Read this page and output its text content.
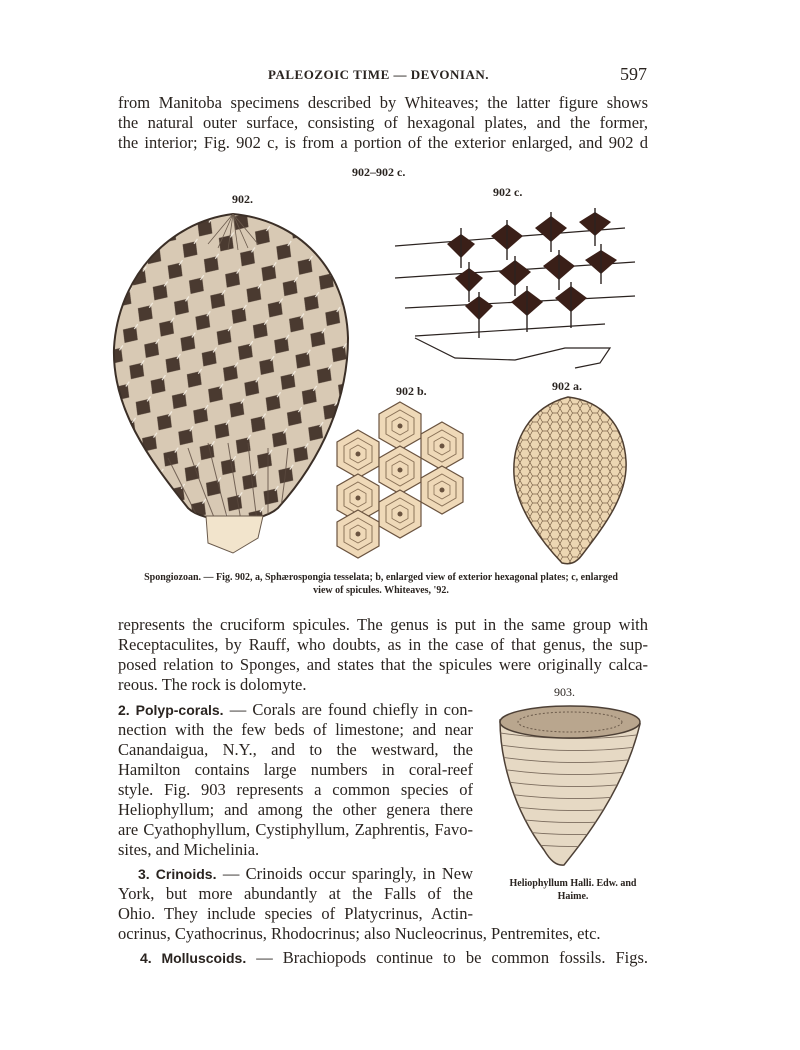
PALEOZOIC TIME — DEVONIAN.	597
from Manitoba specimens described by Whiteaves; the latter figure shows
the natural outer surface, consisting of hexagonal plates, and the former,
the interior; Fig. 902 c, is from a portion of the exterior enlarged, and 902 d
902–902 c.
902.	902 c.
902 b.	902 a.
Spongiozoan. — Fig. 902, a, Sphærospongia tesselata; b, enlarged view of exterior hexagonal plates; c, enlarged
view of spicules. Whiteaves, '92.
represents the cruciform spicules. The genus is put in the same group with
Receptaculites, by Rauff, who doubts, as in the case of that genus, the sup-
posed relation to Sponges, and states that the spicules were originally calca-
reous. The rock is dolomyte.	903.
Heliophyllum Halli. Edw. and
Haime.
2. Polyp-corals. — Corals are found chiefly in con-
nection with the few beds of limestone; and near
Canandaigua, N.Y., and to the westward, the
Hamilton contains large numbers in coral-reef
style. Fig. 903 represents a common species of
Heliophyllum; and among the other genera there
are Cyathophyllum, Cystiphyllum, Zaphrentis, Favo-
sites, and Michelinia.
3. Crinoids. — Crinoids occur sparingly, in New
York, but more abundantly at the Falls of the
Ohio. They include species of Platycrinus, Actin-
ocrinus, Cyathocrinus, Rhodocrinus; also Nucleocrinus, Pentremites, etc.
4. Molluscoids. — Brachiopods continue to be common fossils. Figs.
